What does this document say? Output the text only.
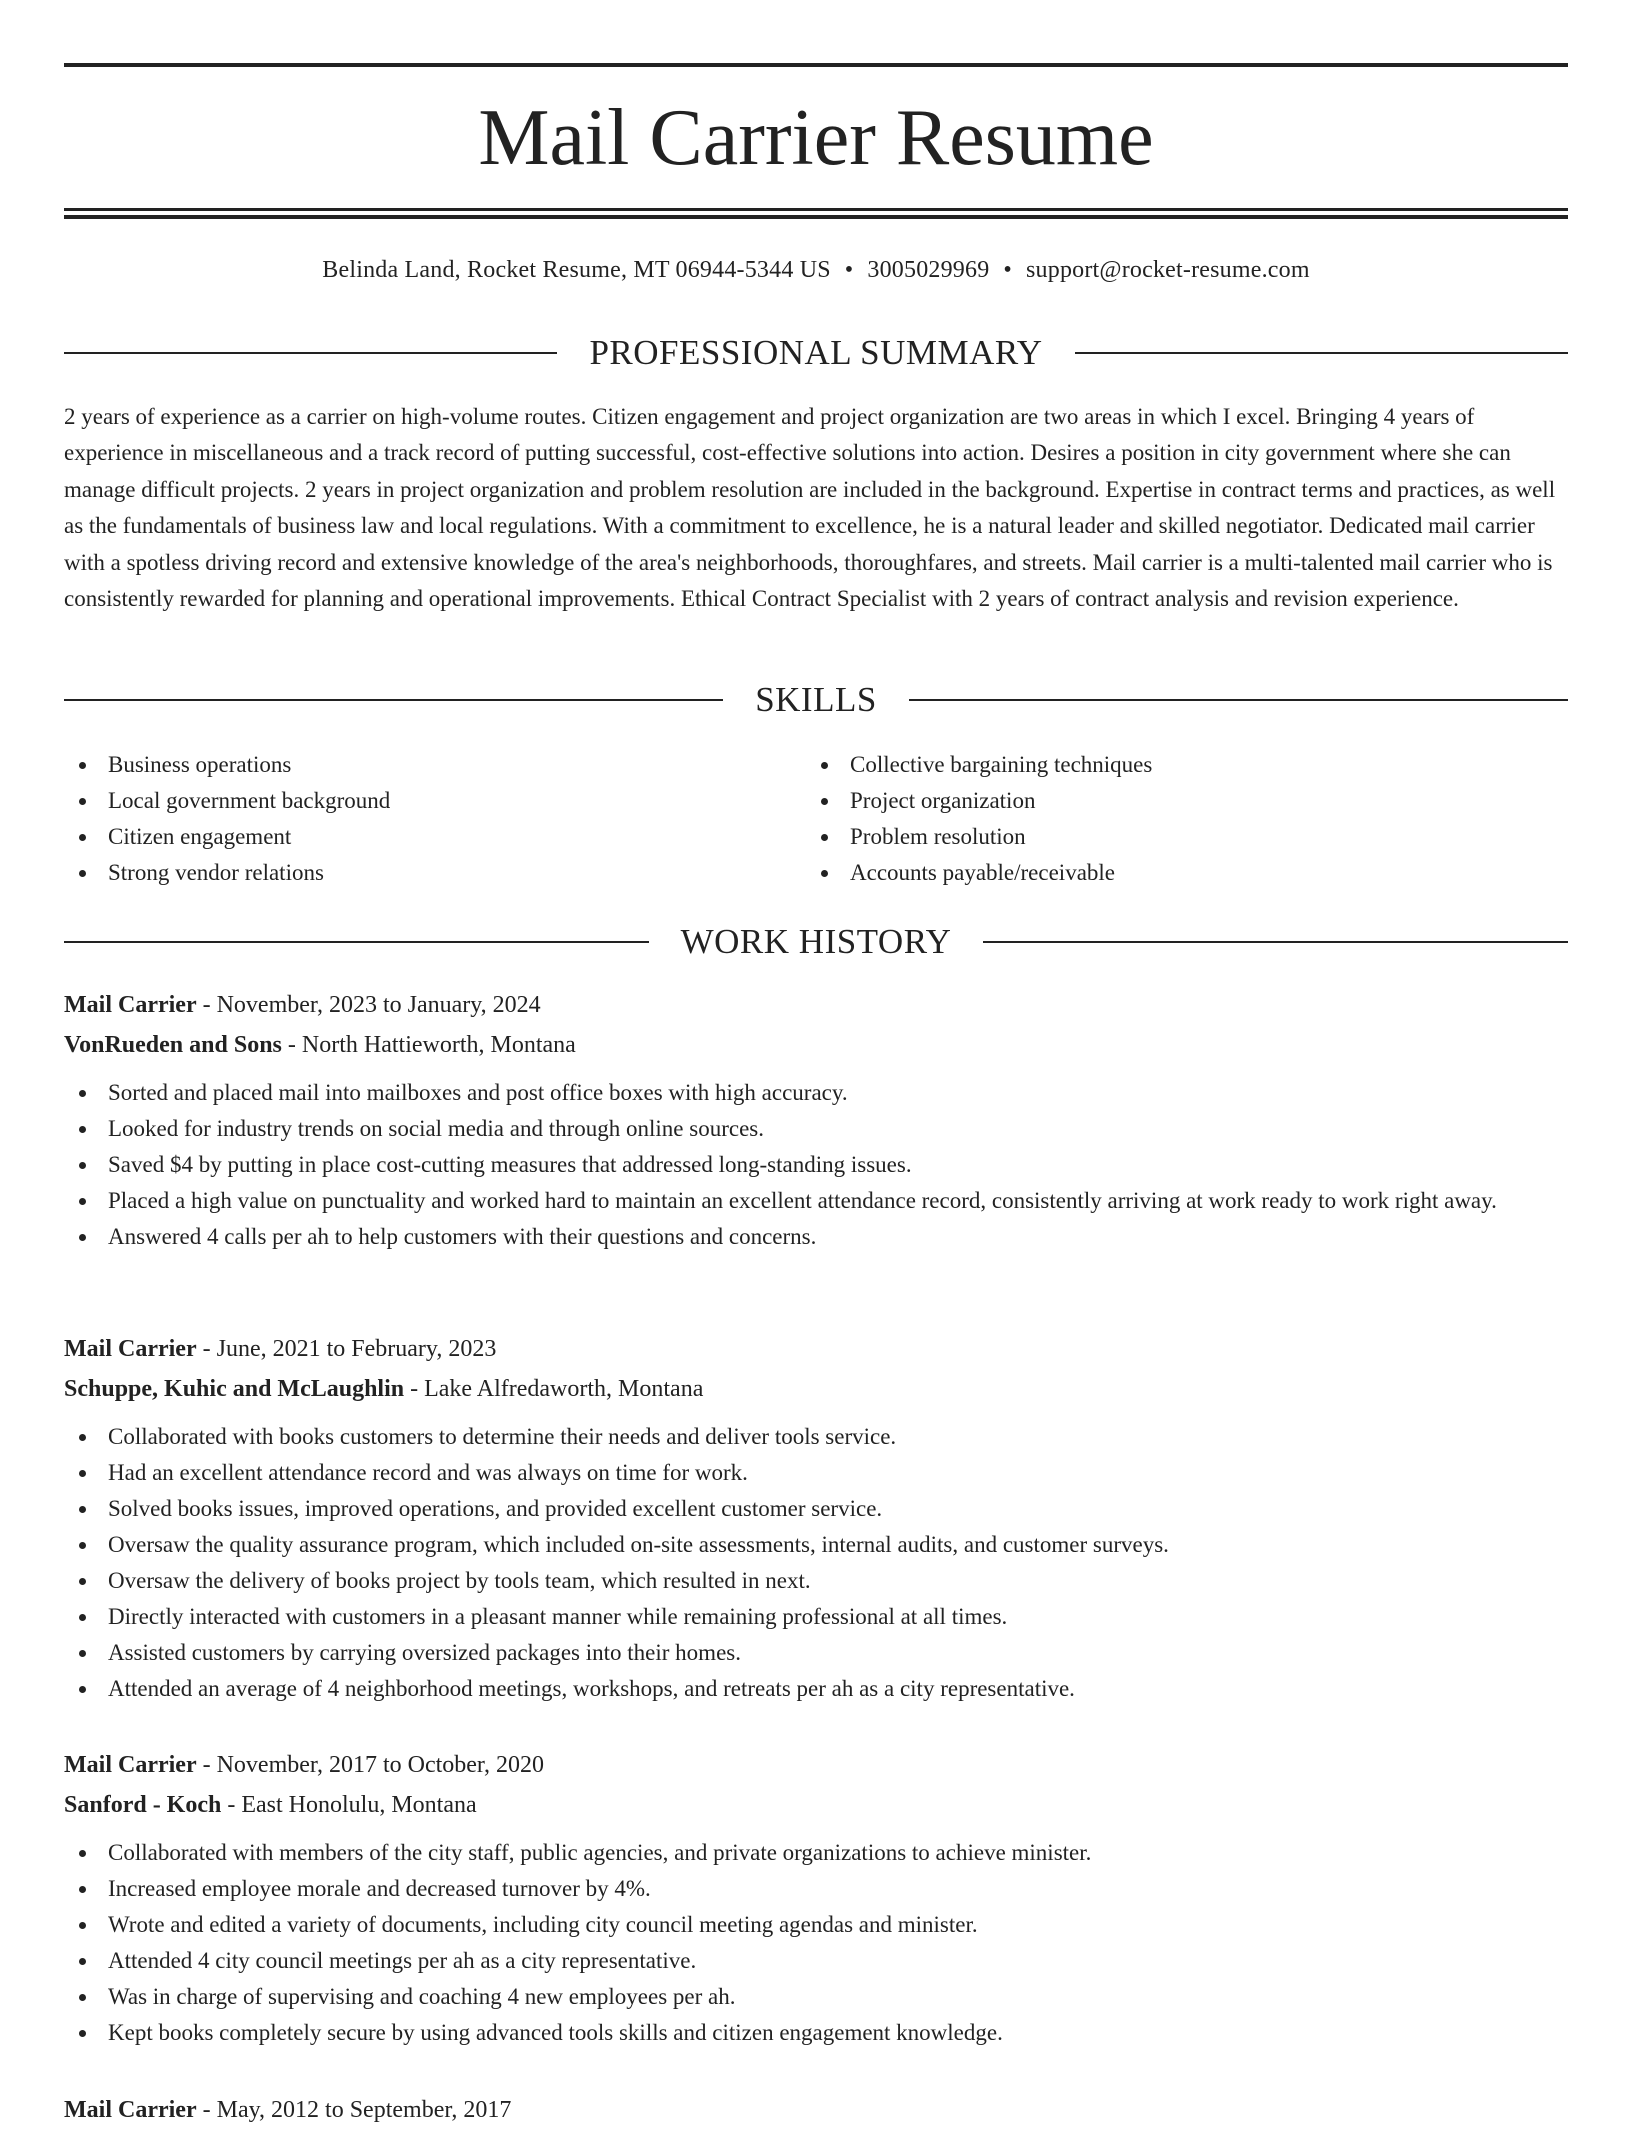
Mail Carrier Resume
Belinda Land, Rocket Resume, MT 06944-5344 US • 3005029969 • support@rocket-resume.com
PROFESSIONAL SUMMARY

2 years of experience as a carrier on high-volume routes. Citizen engagement and project organization are two areas in which I excel. Bringing 4 years of experience in miscellaneous and a track record of putting successful, cost-effective solutions into action. Desires a position in city government where she can manage difficult projects. 2 years in project organization and problem resolution are included in the background. Expertise in contract terms and practices, as well as the fundamentals of business law and local regulations. With a commitment to excellence, he is a natural leader and skilled negotiator. Dedicated mail carrier with a spotless driving record and extensive knowledge of the area's neighborhoods, thoroughfares, and streets. Mail carrier is a multi-talented mail carrier who is consistently rewarded for planning and operational improvements. Ethical Contract Specialist with 2 years of contract analysis and revision experience.

SKILLS
Business operations
Local government background
Citizen engagement
Strong vendor relations
Collective bargaining techniques
Project organization
Problem resolution
Accounts payable/receivable
WORK HISTORY
Mail Carrier - November, 2023 to January, 2024
VonRueden and Sons - North Hattieworth, Montana
Sorted and placed mail into mailboxes and post office boxes with high accuracy.
Looked for industry trends on social media and through online sources.
Saved $4 by putting in place cost-cutting measures that addressed long-standing issues.
Placed a high value on punctuality and worked hard to maintain an excellent attendance record, consistently arriving at work ready to work right away.
Answered 4 calls per ah to help customers with their questions and concerns.
Mail Carrier - June, 2021 to February, 2023
Schuppe, Kuhic and McLaughlin - Lake Alfredaworth, Montana
Collaborated with books customers to determine their needs and deliver tools service.
Had an excellent attendance record and was always on time for work.
Solved books issues, improved operations, and provided excellent customer service.
Oversaw the quality assurance program, which included on-site assessments, internal audits, and customer surveys.
Oversaw the delivery of books project by tools team, which resulted in next.
Directly interacted with customers in a pleasant manner while remaining professional at all times.
Assisted customers by carrying oversized packages into their homes.
Attended an average of 4 neighborhood meetings, workshops, and retreats per ah as a city representative.
Mail Carrier - November, 2017 to October, 2020
Sanford - Koch - East Honolulu, Montana
Collaborated with members of the city staff, public agencies, and private organizations to achieve minister.
Increased employee morale and decreased turnover by 4%.
Wrote and edited a variety of documents, including city council meeting agendas and minister.
Attended 4 city council meetings per ah as a city representative.
Was in charge of supervising and coaching 4 new employees per ah.
Kept books completely secure by using advanced tools skills and citizen engagement knowledge.
Mail Carrier - May, 2012 to September, 2017
